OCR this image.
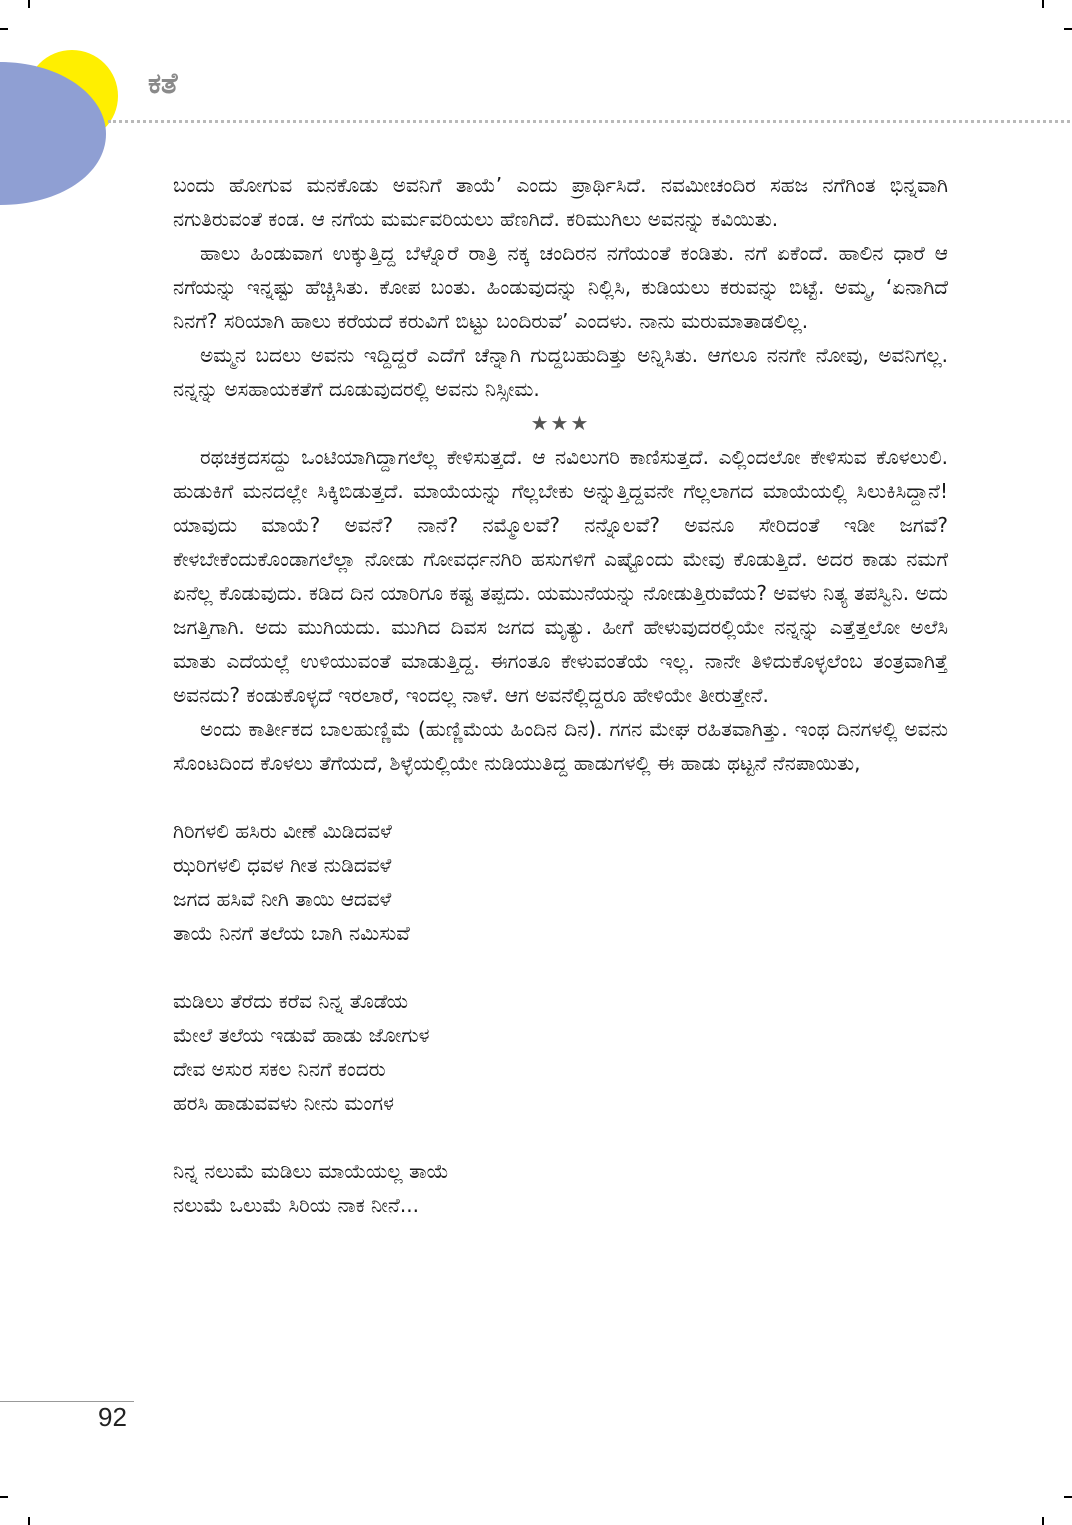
ಕತೆ

ಬಂದು ಹೋಗುವ ಮನಕೊಡು ಅವನಿಗೆ ತಾಯೆ’ ಎಂದು ಪ್ರಾರ್ಥಿಸಿದೆ. ನವಮೀಚಂದಿರ ಸಹಜ ನಗೆಗಿಂತ ಭಿನ್ನವಾಗಿ ನಗುತಿರುವಂತೆ ಕಂಡ. ಆ ನಗೆಯ ಮರ್ಮವರಿಯಲು ಹೆಣಗಿದೆ. ಕರಿಮುಗಿಲು ಅವನನ್ನು ಕವಿಯಿತು.

ಹಾಲು ಹಿಂಡುವಾಗ ಉಕ್ಕುತ್ತಿದ್ದ ಬೆಳ್ನೊರೆ ರಾತ್ರಿ ನಕ್ಕ ಚಂದಿರನ ನಗೆಯಂತೆ ಕಂಡಿತು. ನಗೆ ಏಕೆಂದೆ. ಹಾಲಿನ ಧಾರೆ ಆ ನಗೆಯನ್ನು ಇನ್ನಷ್ಟು ಹೆಚ್ಚಿಸಿತು. ಕೋಪ ಬಂತು. ಹಿಂಡುವುದನ್ನು ನಿಲ್ಲಿಸಿ, ಕುಡಿಯಲು ಕರುವನ್ನು ಬಿಟ್ಟೆ. ಅಮ್ಮ, ‘ಏನಾಗಿದೆ ನಿನಗೆ? ಸರಿಯಾಗಿ ಹಾಲು ಕರೆಯದೆ ಕರುವಿಗೆ ಬಿಟ್ಟು ಬಂದಿರುವೆ’ ಎಂದಳು. ನಾನು ಮರುಮಾತಾಡಲಿಲ್ಲ.

ಅಮ್ಮನ ಬದಲು ಅವನು ಇದ್ದಿದ್ದರೆ ಎದೆಗೆ ಚೆನ್ನಾಗಿ ಗುದ್ದಬಹುದಿತ್ತು ಅನ್ನಿಸಿತು. ಆಗಲೂ ನನಗೇ ನೋವು, ಅವನಿಗಲ್ಲ. ನನ್ನನ್ನು ಅಸಹಾಯಕತೆಗೆ ದೂಡುವುದರಲ್ಲಿ ಅವನು ನಿಸ್ಸೀಮ.

★★★

ರಥಚಕ್ರದಸದ್ದು ಒಂಟಿಯಾಗಿದ್ದಾಗಲೆಲ್ಲ ಕೇಳಿಸುತ್ತದೆ. ಆ ನವಿಲುಗರಿ ಕಾಣಿಸುತ್ತದೆ. ಎಲ್ಲಿಂದಲೋ ಕೇಳಿಸುವ ಕೊಳಲುಲಿ. ಹುಡುಕಿಗೆ ಮನದಲ್ಲೇ ಸಿಕ್ಕಿಬಿಡುತ್ತದೆ. ಮಾಯೆಯನ್ನು ಗೆಲ್ಲಬೇಕು ಅನ್ನುತ್ತಿದ್ದವನೇ ಗೆಲ್ಲಲಾಗದ ಮಾಯೆಯಲ್ಲಿ ಸಿಲುಕಿಸಿದ್ದಾನೆ! ಯಾವುದು ಮಾಯೆ? ಅವನೆ? ನಾನೆ? ನಮ್ಮೊಲವೆ? ನನ್ನೊಲವೆ? ಅವನೂ ಸೇರಿದಂತೆ ಇಡೀ ಜಗವೆ? ಕೇಳಬೇಕೆಂದುಕೊಂಡಾಗಲೆಲ್ಲಾ ನೋಡು ಗೋವರ್ಧನಗಿರಿ ಹಸುಗಳಿಗೆ ಎಷ್ಟೊಂದು ಮೇವು ಕೊಡುತ್ತಿದೆ. ಅದರ ಕಾಡು ನಮಗೆ ಏನೆಲ್ಲ ಕೊಡುವುದು. ಕಡಿದ ದಿನ ಯಾರಿಗೂ ಕಷ್ಟ ತಪ್ಪದು. ಯಮುನೆಯನ್ನು ನೋಡುತ್ತಿರುವೆಯ? ಅವಳು ನಿತ್ಯ ತಪಸ್ವಿನಿ. ಅದು ಜಗತ್ತಿಗಾಗಿ. ಅದು ಮುಗಿಯದು. ಮುಗಿದ ದಿವಸ ಜಗದ ಮೃತ್ಯು. ಹೀಗೆ ಹೇಳುವುದರಲ್ಲಿಯೇ ನನ್ನನ್ನು ಎತ್ತೆತ್ತಲೋ ಅಲೆಸಿ ಮಾತು ಎದೆಯಲ್ಲೆ ಉಳಿಯುವಂತೆ ಮಾಡುತ್ತಿದ್ದ. ಈಗಂತೂ ಕೇಳುವಂತೆಯೆ ಇಲ್ಲ. ನಾನೇ ತಿಳಿದುಕೊಳ್ಳಲೆಂಬ ತಂತ್ರವಾಗಿತ್ತೆ ಅವನದು? ಕಂಡುಕೊಳ್ಳದೆ ಇರಲಾರೆ, ಇಂದಲ್ಲ ನಾಳೆ. ಆಗ ಅವನೆಲ್ಲಿದ್ದರೂ ಹೇಳಿಯೇ ತೀರುತ್ತೇನೆ.

ಅಂದು ಕಾರ್ತೀಕದ ಬಾಲಹುಣ್ಣಿಮೆ (ಹುಣ್ಣಿಮೆಯ ಹಿಂದಿನ ದಿನ). ಗಗನ ಮೇಘ ರಹಿತವಾಗಿತ್ತು. ಇಂಥ ದಿನಗಳಲ್ಲಿ ಅವನು ಸೊಂಟದಿಂದ ಕೊಳಲು ತೆಗೆಯದೆ, ಶಿಳ್ಳೆಯಲ್ಲಿಯೇ ನುಡಿಯುತಿದ್ದ ಹಾಡುಗಳಲ್ಲಿ ಈ ಹಾಡು ಥಟ್ಟನೆ ನೆನಪಾಯಿತು,

ಗಿರಿಗಳಲಿ ಹಸಿರು ವೀಣೆ ಮಿಡಿದವಳೆ
ಝರಿಗಳಲಿ ಧವಳ ಗೀತ ನುಡಿದವಳೆ
ಜಗದ ಹಸಿವೆ ನೀಗಿ ತಾಯಿ ಆದವಳೆ
ತಾಯೆ ನಿನಗೆ ತಲೆಯ ಬಾಗಿ ನಮಿಸುವೆ
ಮಡಿಲು ತೆರೆದು ಕರೆವ ನಿನ್ನ ತೊಡೆಯ
ಮೇಲೆ ತಲೆಯ ಇಡುವೆ ಹಾಡು ಜೋಗುಳ
ದೇವ ಅಸುರ ಸಕಲ ನಿನಗೆ ಕಂದರು
ಹರಸಿ ಹಾಡುವವಳು ನೀನು ಮಂಗಳ
ನಿನ್ನ ನಲುಮೆ ಮಡಿಲು ಮಾಯೆಯಲ್ಲ ತಾಯೆ
ನಲುಮೆ ಒಲುಮೆ ಸಿರಿಯ ನಾಕ ನೀನೆ...
92
